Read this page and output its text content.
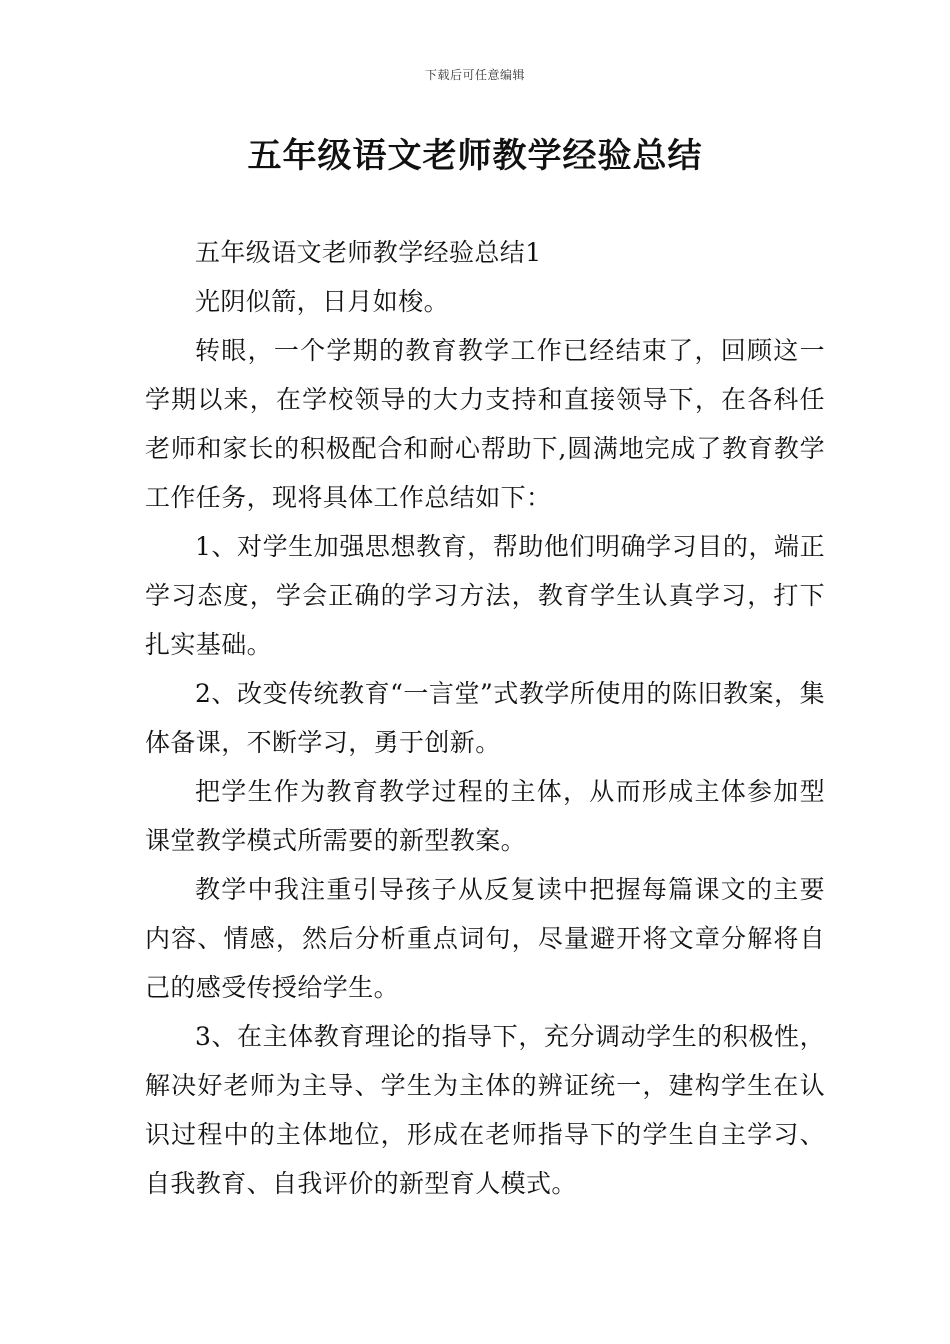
下载后可任意编辑
五年级语文老师教学经验总结

五年级语文老师教学经验总结1

光阴似箭，日月如梭。

转眼，一个学期的教育教学工作已经结束了，回顾这一学期以来，在学校领导的大力支持和直接领导下，在各科任老师和家长的积极配合和耐心帮助下,圆满地完成了教育教学工作任务，现将具体工作总结如下：

1、对学生加强思想教育，帮助他们明确学习目的，端正学习态度，学会正确的学习方法，教育学生认真学习，打下扎实基础。

2、改变传统教育“一言堂”式教学所使用的陈旧教案，集体备课，不断学习，勇于创新。

把学生作为教育教学过程的主体，从而形成主体参加型课堂教学模式所需要的新型教案。

教学中我注重引导孩子从反复读中把握每篇课文的主要内容、情感，然后分析重点词句，尽量避开将文章分解将自己的感受传授给学生。

3、在主体教育理论的指导下，充分调动学生的积极性，解决好老师为主导、学生为主体的辨证统一，建构学生在认识过程中的主体地位，形成在老师指导下的学生自主学习、自我教育、自我评价的新型育人模式。
